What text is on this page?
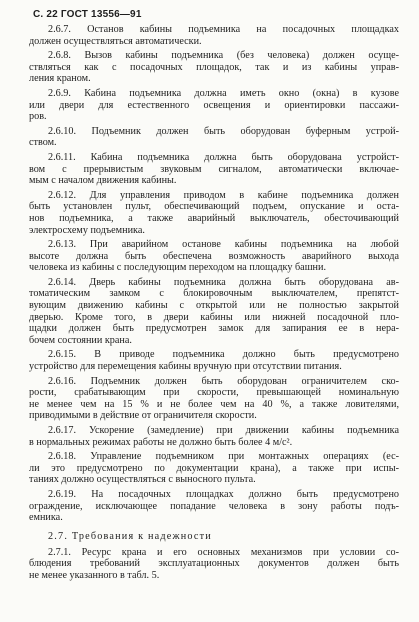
С. 22 ГОСТ 13556—91
2.6.7. Останов кабины подъемника на посадочных площадках
должен осуществляться автоматически.
2.6.8. Вызов кабины подъемника (без человека) должен осуще-
ствляться как с посадочных площадок, так и из кабины управ-
ления краном.
2.6.9. Кабина подъемника должна иметь окно (окна) в кузове
или двери для естественного освещения и ориентировки пассажи-
ров.
2.6.10. Подъемник должен быть оборудован буферным устрой-
ством.
2.6.11. Кабина подъемника должна быть оборудована устройст-
вом с прерывистым звуковым сигналом, автоматически включае-
мым с началом движения кабины.
2.6.12. Для управления приводом в кабине подъемника должен
быть установлен пульт, обеспечивающий подъем, опускание и оста-
нов подъемника, а также аварийный выключатель, обесточивающий
электросхему подъемника.
2.6.13. При аварийном останове кабины подъемника на любой
высоте должна быть обеспечена возможность аварийного выхода
человека из кабины с последующим переходом на площадку башни.
2.6.14. Дверь кабины подъемника должна быть оборудована ав-
томатическим замком с блокировочным выключателем, препятст-
вующим движению кабины с открытой или не полностью закрытой
дверью. Кроме того, в двери кабины или нижней посадочной пло-
щадки должен быть предусмотрен замок для запирания ее в нера-
бочем состоянии крана.
2.6.15. В приводе подъемника должно быть предусмотрено
устройство для перемещения кабины вручную при отсутствии питания.
2.6.16. Подъемник должен быть оборудован ограничителем ско-
рости, срабатывающим при скорости, превышающей номинальную
не менее чем на 15 % и не более чем на 40 %, а также ловителями,
приводимыми в действие от ограничителя скорости.
2.6.17. Ускорение (замедление) при движении кабины подъемника
в нормальных режимах работы не должно быть более 4 м/с².
2.6.18. Управление подъемником при монтажных операциях (ес-
ли это предусмотрено по документации крана), а также при испы-
таниях должно осуществляться с выносного пульта.
2.6.19. На посадочных площадках должно быть предусмотрено
ограждение, исключающее попадание человека в зону работы подъ-
емника.
2.7. Требования к надежности
2.7.1. Ресурс крана и его основных механизмов при условии со-
блюдения требований эксплуатационных документов должен быть
не менее указанного в табл. 5.
